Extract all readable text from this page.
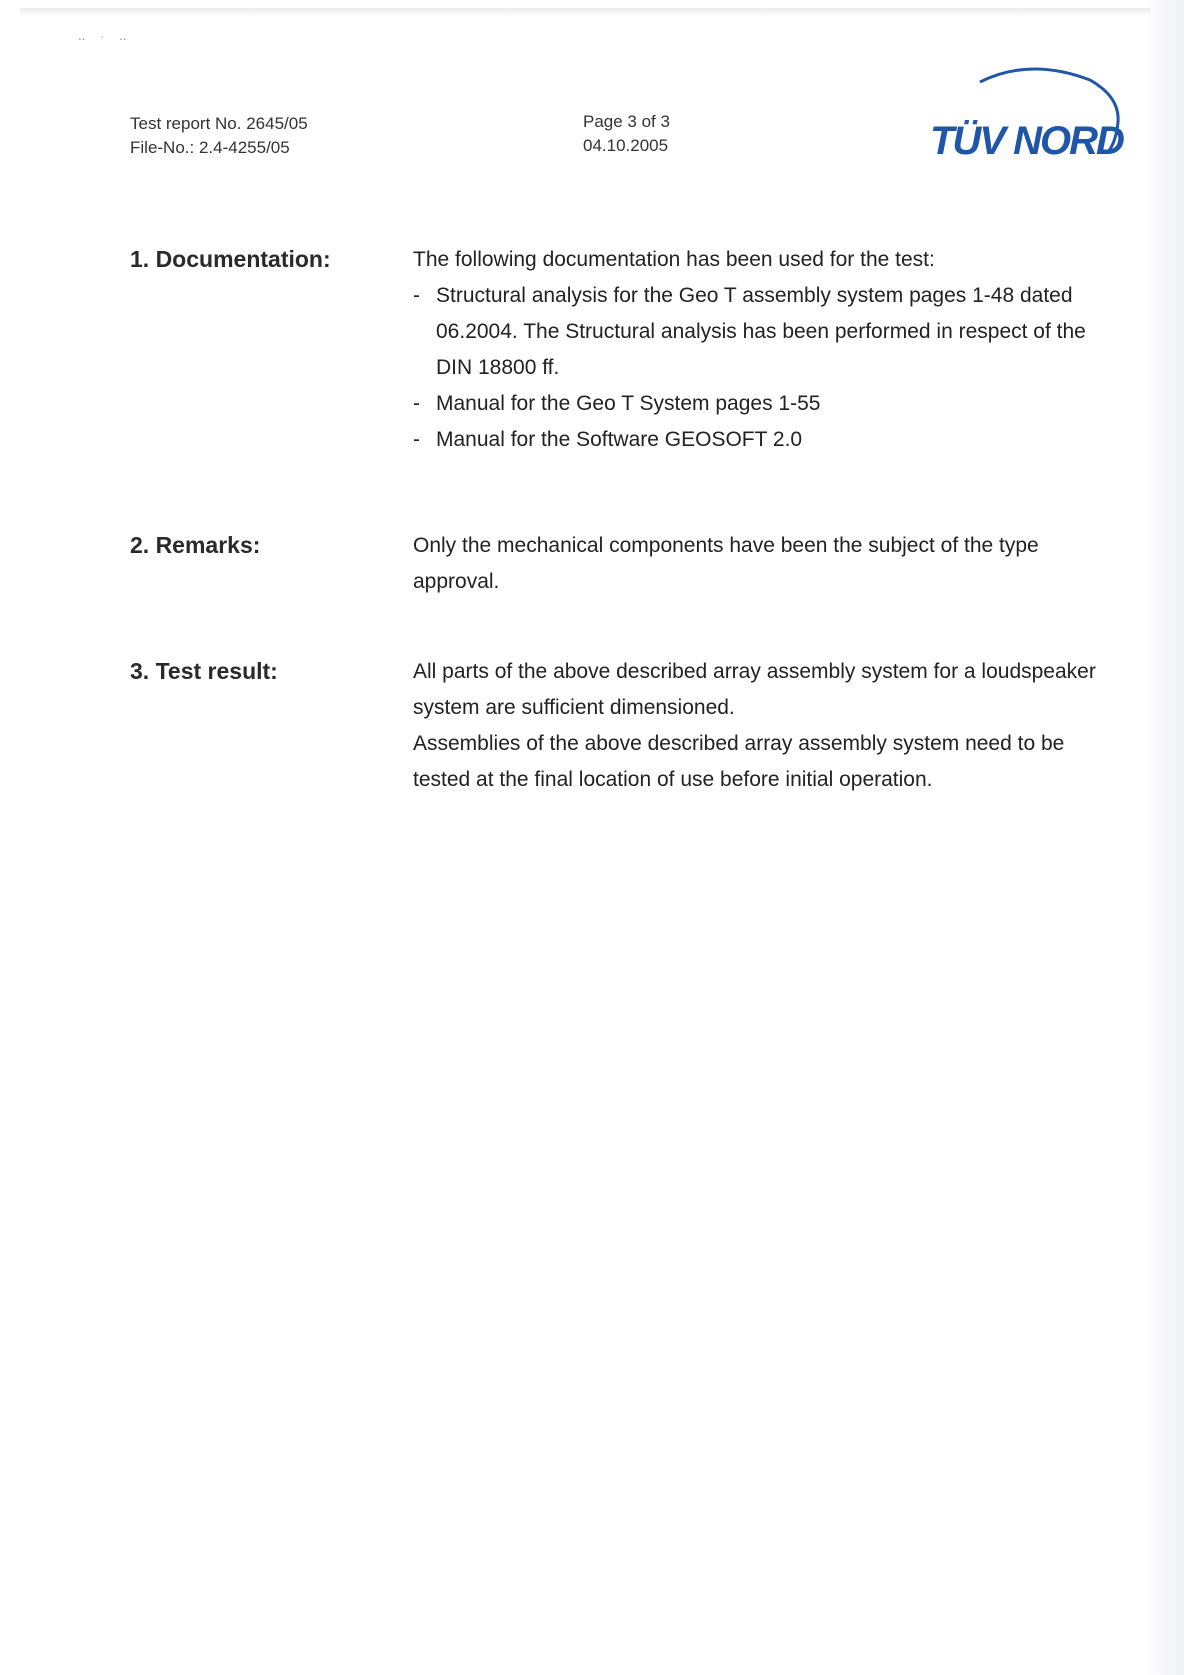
‥ · ‥
Test report No. 2645/05
File-No.: 2.4-4255/05
Page 3 of 3
04.10.2005	TÜV NORD
1. Documentation:	The following documentation has been used for the test:

- Structural analysis for the Geo T assembly system pages 1-48 dated 06.2004. The Structural analysis has been performed in respect of the DIN 18800 ff.
- Manual for the Geo T System pages 1-55
- Manual for the Software GEOSOFT 2.0
2. Remarks:	Only the mechanical components have been the subject of the type approval.

3. Test result:	All parts of the above described array assembly system for a loudspeaker system are sufficient dimensioned.

Assemblies of the above described array assembly system need to be tested at the final location of use before initial operation.
